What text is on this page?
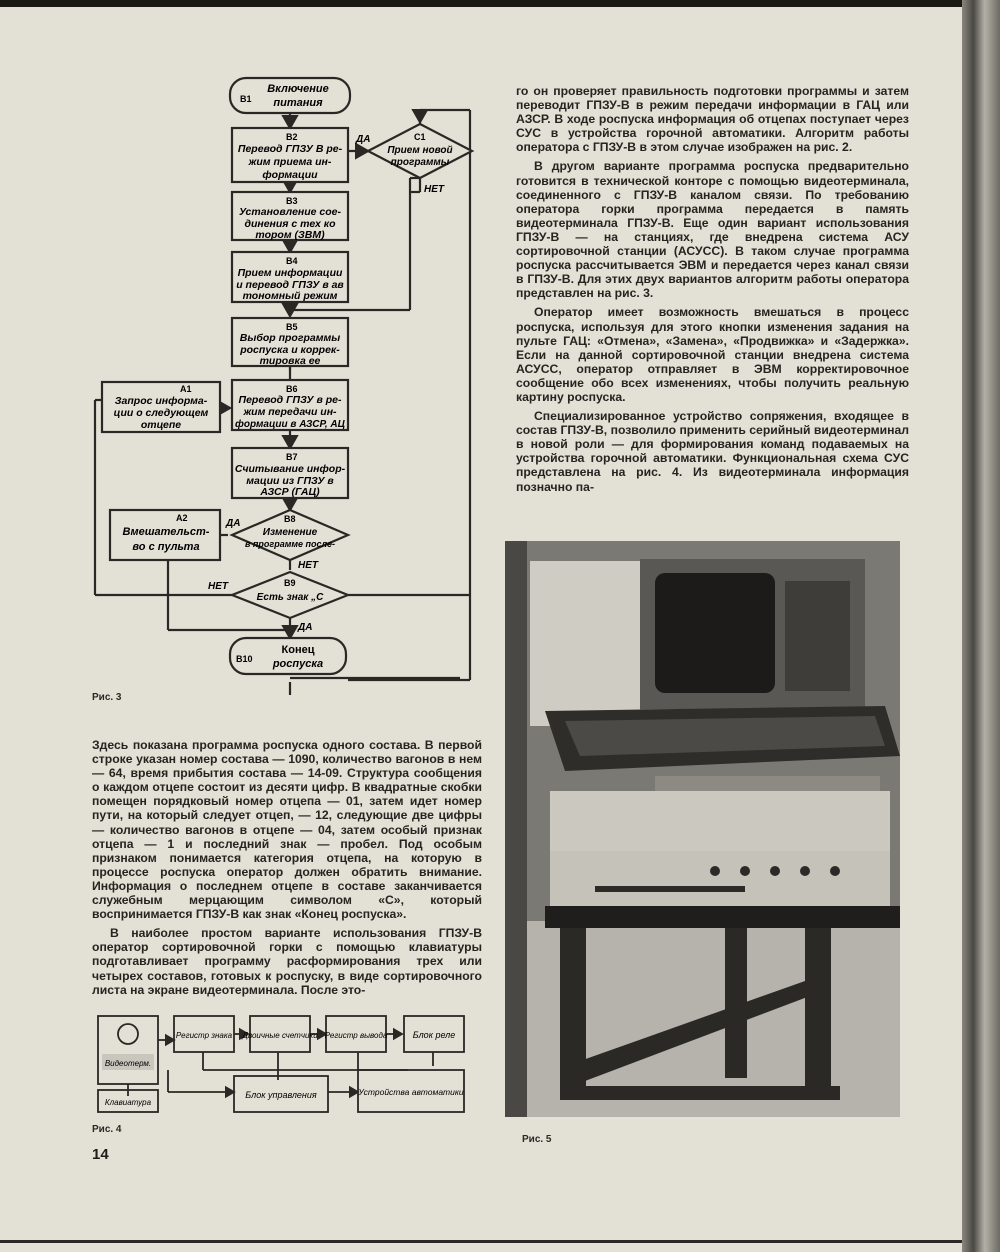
B1
Включение
питания
B2
Перевод ГПЗУ В ре-
жим приема ин-
формации
C1
Прием новой
программы
ДА
НЕТ
B3
Установление сое-
динения с тех ко
тором (ЗВМ)
B4
Прием информации
и перевод ГПЗУ в ав
тономный режим
B5
Выбор программы
роспуска и коррек-
тировка ее
A1
Запрос информа-
ции о следующем
отцепе
B6
Перевод ГПЗУ в ре-
жим передачи ин-
формации в АЗСР, АЦ
B7
Считывание инфор-
мации из ГПЗУ в
АЗСР (ГАЦ)
A2
Вмешательст-
во с пульта
B8
Изменение
в программе после-
ДА
НЕТ
B9
Есть знак „С
НЕТ
ДА
B10
Конец
роспуска
Рис. 3

го он проверяет правильность подготовки программы и затем переводит ГПЗУ-В в режим передачи информации в ГАЦ или АЗСР. В ходе роспуска информация об отцепах поступает через СУС в устройства горочной автоматики. Алгоритм работы оператора с ГПЗУ-В в этом случае изображен на рис. 2.

В другом варианте программа роспуска предварительно готовится в технической конторе с помощью видеотерминала, соединенного с ГПЗУ-В каналом связи. По требованию оператора горки программа передается в память видеотерминала ГПЗУ-В. Еще один вариант использования ГПЗУ-В — на станциях, где внедрена система АСУ сортировочной станции (АСУСС). В таком случае программа роспуска рассчитывается ЭВМ и передается через канал связи в ГПЗУ-В. Для этих двух вариантов алгоритм работы оператора представлен на рис. 3.

Оператор имеет возможность вмешаться в процесс роспуска, используя для этого кнопки изменения задания на пульте ГАЦ: «Отмена», «Замена», «Продвижка» и «Задержка». Если на данной сортировочной станции внедрена система АСУСС, оператор отправляет в ЭВМ корректировочное сообщение обо всех изменениях, чтобы получить реальную картину роспуска.

Специализированное устройство сопряжения, входящее в состав ГПЗУ-В, позволило применить серийный видеотерминал в новой роли — для формирования команд подаваемых на устройства горочной автоматики. Функциональная схема СУС представлена на рис. 4. Из видеотерминала информация позначно па-

Здесь показана программа роспуска одного состава. В первой строке указан номер состава — 1090, количество вагонов в нем — 64, время прибытия состава — 14-09. Структура сообщения о каждом отцепе состоит из десяти цифр. В квадратные скобки помещен порядковый номер отцепа — 01, затем идет номер пути, на который следует отцеп, — 12, следующие две цифры — количество вагонов в отцепе — 04, затем особый признак отцепа — 1 и последний знак — пробел. Под особым признаком понимается категория отцепа, на которую в процессе роспуска оператор должен обратить внимание. Информация о последнем отцепе в составе заканчивается служебным мерцающим символом «С», который воспринимается ГПЗУ-В как знак «Конец роспуска».

В наиболее простом варианте использования ГПЗУ-В оператор сортировочной горки с помощью клавиатуры подготавливает программу расформирования трех или четырех составов, готовых к роспуску, в виде сортировочного листа на экране видеотерминала. После это-

Видеотерм.
Клавиатура
Регистр знака Двоичные счетчики Регистр вывода	Блок реле
Блок управления	Устройства автоматики
Рис. 4
14
Рис. 5
